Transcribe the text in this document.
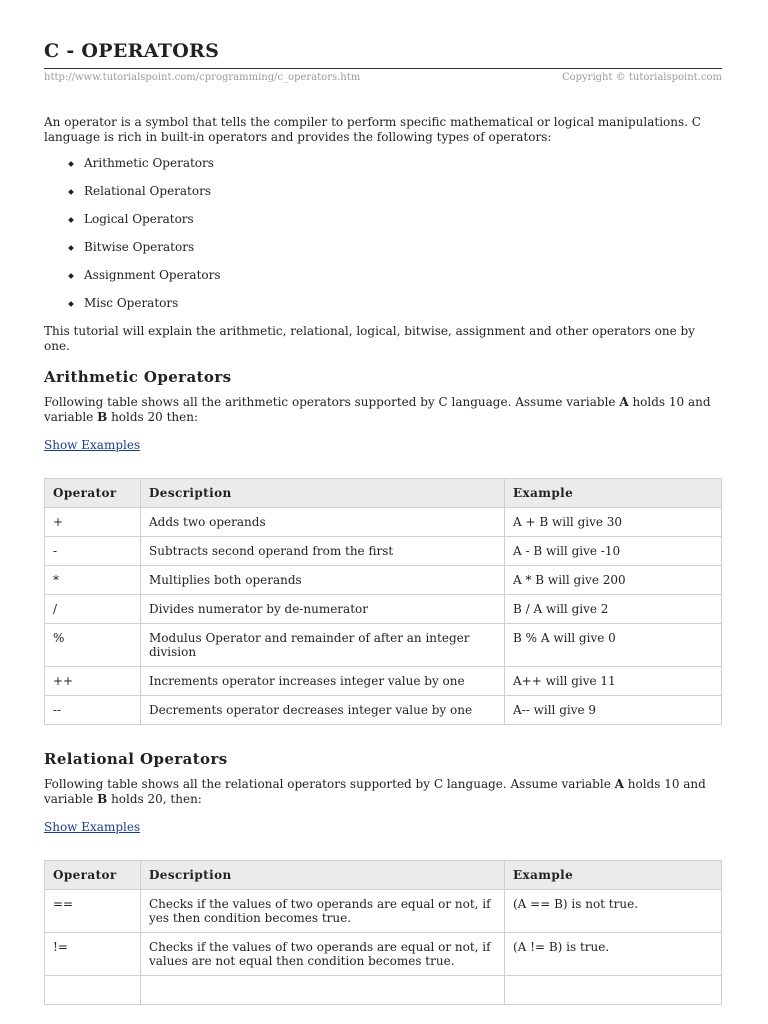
C - OPERATORS
http://www.tutorialspoint.com/cprogramming/c_operators.htm	Copyright © tutorialspoint.com

An operator is a symbol that tells the compiler to perform specific mathematical or logical manipulations. C language is rich in built-in operators and provides the following types of operators:

Arithmetic Operators
Relational Operators
Logical Operators
Bitwise Operators
Assignment Operators
Misc Operators

This tutorial will explain the arithmetic, relational, logical, bitwise, assignment and other operators one by one.

Arithmetic Operators

Following table shows all the arithmetic operators supported by C language. Assume variable A holds 10 and variable B holds 20 then:

Show Examples
Operator	Description	Example
+	Adds two operands	A + B will give 30
-	Subtracts second operand from the first	A - B will give -10
*	Multiplies both operands	A * B will give 200
/	Divides numerator by de-numerator	B / A will give 2
%	Modulus Operator and remainder of after an integer division	B % A will give 0
++	Increments operator increases integer value by one	A++ will give 11
--	Decrements operator decreases integer value by one	A-- will give 9
Relational Operators

Following table shows all the relational operators supported by C language. Assume variable A holds 10 and variable B holds 20, then:

Show Examples
Operator	Description	Example
==	Checks if the values of two operands are equal or not, if yes then condition becomes true.	(A == B) is not true.
!=	Checks if the values of two operands are equal or not, if values are not equal then condition becomes true.	(A != B) is true.
